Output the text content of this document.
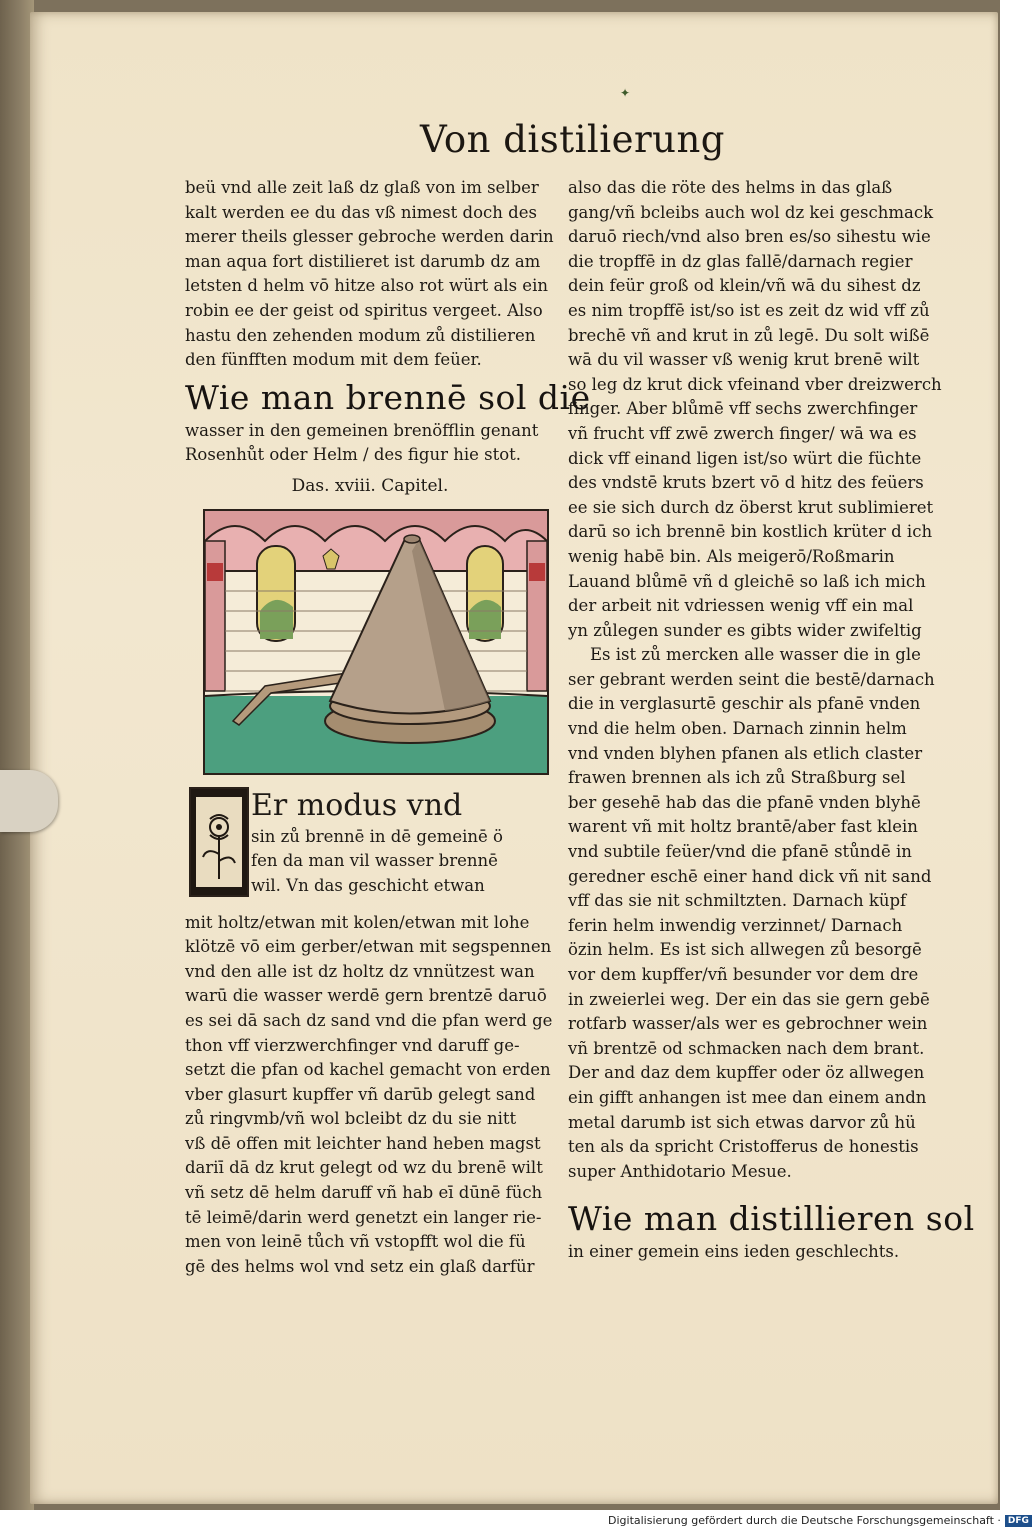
✦
Von distilierung
beü vnd alle zeit laß dz glaß von im selber
kalt werden ee du das vß nimest doch des
merer theils glesser gebroche werden darin
man aqua fort distilieret ist darumb dz am
letsten d helm vō hitze also rot würt als ein
robin ee der geist od spiritus vergeet. Also
hastu den zehenden modum zů distilieren
den fünfften modum mit dem feüer.
Wie man brennē sol die
wasser in den gemeinen brenöfflin genant
Rosenhůt oder Helm / des figur hie stot.
Das. xviii. Capitel.
Er modus vnd
sin zů brennē in dē gemeinē ö
fen da man vil wasser brennē
wil. Vn das geschicht etwan
mit holtz/etwan mit kolen/etwan mit lohe
klötzē vō eim gerber/etwan mit segspennen
vnd den alle ist dz holtz dz vnnützest wan
warū die wasser werdē gern brentzē daruō
es sei dā sach dz sand vnd die pfan werd ge
thon vff vierzwerchfinger vnd daruff ge-
setzt die pfan od kachel gemacht von erden
vber glasurt kupffer vñ darūb gelegt sand
zů ringvmb/vñ wol bcleibt dz du sie nitt
vß dē offen mit leichter hand heben magst
dariī dā dz krut gelegt od wz du brenē wilt
vñ setz dē helm daruff vñ hab eī dūnē füch
tē leimē/darin werd genetzt ein langer rie-
men von leinē tůch vñ vstopfft wol die fü
gē des helms wol vnd setz ein glaß darfür
also das die röte des helms in das glaß
gang/vñ bcleibs auch wol dz kei geschmack
daruō riech/vnd also bren es/so sihestu wie
die tropffē in dz glas fallē/darnach regier
dein feür groß od klein/vñ wā du sihest dz
es nim tropffē ist/so ist es zeit dz wid vff zů
brechē vñ and krut in zů legē. Du solt wißē
wā du vil wasser vß wenig krut brenē wilt
so leg dz krut dick vfeinand vber dreizwerch
finger. Aber blůmē vff sechs zwerchfinger
vñ frucht vff zwē zwerch finger/ wā wa es
dick vff einand ligen ist/so würt die füchte
des vndstē kruts bzert vō d hitz des feüers
ee sie sich durch dz öberst krut sublimieret
darū so ich brennē bin kostlich krüter d ich
wenig habē bin. Als meigerō/Roßmarin
Lauand blůmē vñ d gleichē so laß ich mich
der arbeit nit vdriessen wenig vff ein mal
yn zůlegen sunder es gibts wider zwifeltig
Es ist zů mercken alle wasser die in gle
ser gebrant werden seint die bestē/darnach
die in verglasurtē geschir als pfanē vnden
vnd die helm oben. Darnach zinnin helm
vnd vnden blyhen pfanen als etlich claster
frawen brennen als ich zů Straßburg sel
ber gesehē hab das die pfanē vnden blyhē
warent vñ mit holtz brantē/aber fast klein
vnd subtile feüer/vnd die pfanē stůndē in
geredner eschē einer hand dick vñ nit sand
vff das sie nit schmiltzten. Darnach küpf
ferin helm inwendig verzinnet/ Darnach
özin helm. Es ist sich allwegen zů besorgē
vor dem kupffer/vñ besunder vor dem dre
in zweierlei weg. Der ein das sie gern gebē
rotfarb wasser/als wer es gebrochner wein
vñ brentzē od schmacken nach dem brant.
Der and daz dem kupffer oder öz allwegen
ein gifft anhangen ist mee dan einem andn
metal darumb ist sich etwas darvor zů hü
ten als da spricht Cristofferus de honestis
super Anthidotario Mesue.
Wie man distillieren sol
in einer gemein eins ieden geschlechts.
Digitalisierung gefördert durch die Deutsche Forschungsgemeinschaft · DFG
